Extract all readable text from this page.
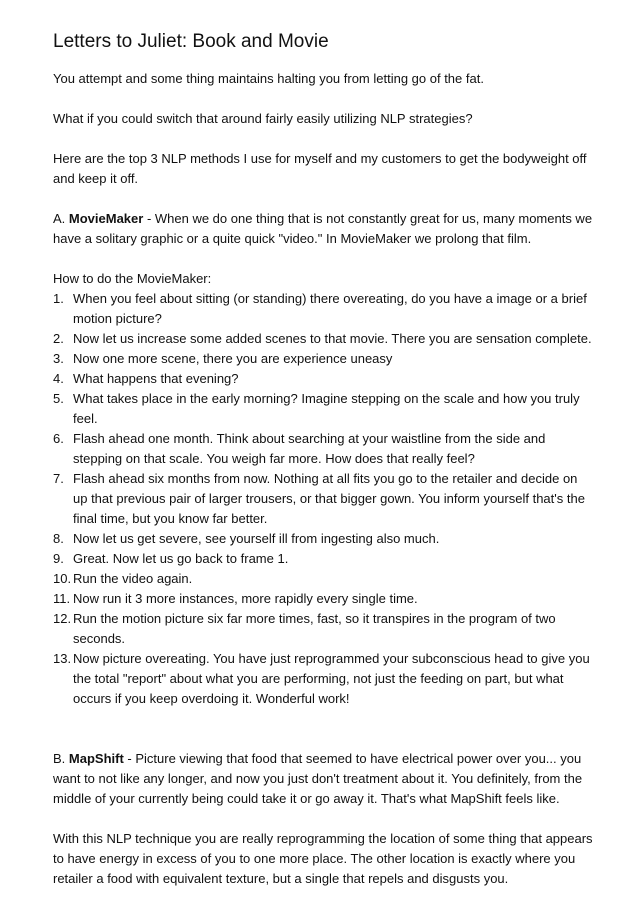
Letters to Juliet: Book and Movie

You attempt and some thing maintains halting you from letting go of the fat.

What if you could switch that around fairly easily utilizing NLP strategies?

Here are the top 3 NLP methods I use for myself and my customers to get the bodyweight off and keep it off.

A. MovieMaker - When we do one thing that is not constantly great for us, many moments we have a solitary graphic or a quite quick "video." In MovieMaker we prolong that film.

How to do the MovieMaker:

1. When you feel about sitting (or standing) there overeating, do you have a image or a brief motion picture?
2. Now let us increase some added scenes to that movie. There you are sensation complete.
3. Now one more scene, there you are experience uneasy
4. What happens that evening?
5. What takes place in the early morning? Imagine stepping on the scale and how you truly feel.
6. Flash ahead one month. Think about searching at your waistline from the side and stepping on that scale. You weigh far more. How does that really feel?
7. Flash ahead six months from now. Nothing at all fits you go to the retailer and decide on up that previous pair of larger trousers, or that bigger gown. You inform yourself that's the final time, but you know far better.
8. Now let us get severe, see yourself ill from ingesting also much.
9. Great. Now let us go back to frame 1.
10. Run the video again.
11. Now run it 3 more instances, more rapidly every single time.
12. Run the motion picture six far more times, fast, so it transpires in the program of two seconds.
13. Now picture overeating. You have just reprogrammed your subconscious head to give you the total "report" about what you are performing, not just the feeding on part, but what occurs if you keep overdoing it. Wonderful work!

B. MapShift - Picture viewing that food that seemed to have electrical power over you... you want to not like any longer, and now you just don't treatment about it. You definitely, from the middle of your currently being could take it or go away it. That's what MapShift feels like.

With this NLP technique you are really reprogramming the location of some thing that appears to have energy in excess of you to one more place. The other location is exactly where you retailer a food with equivalent texture, but a single that repels and disgusts you.
